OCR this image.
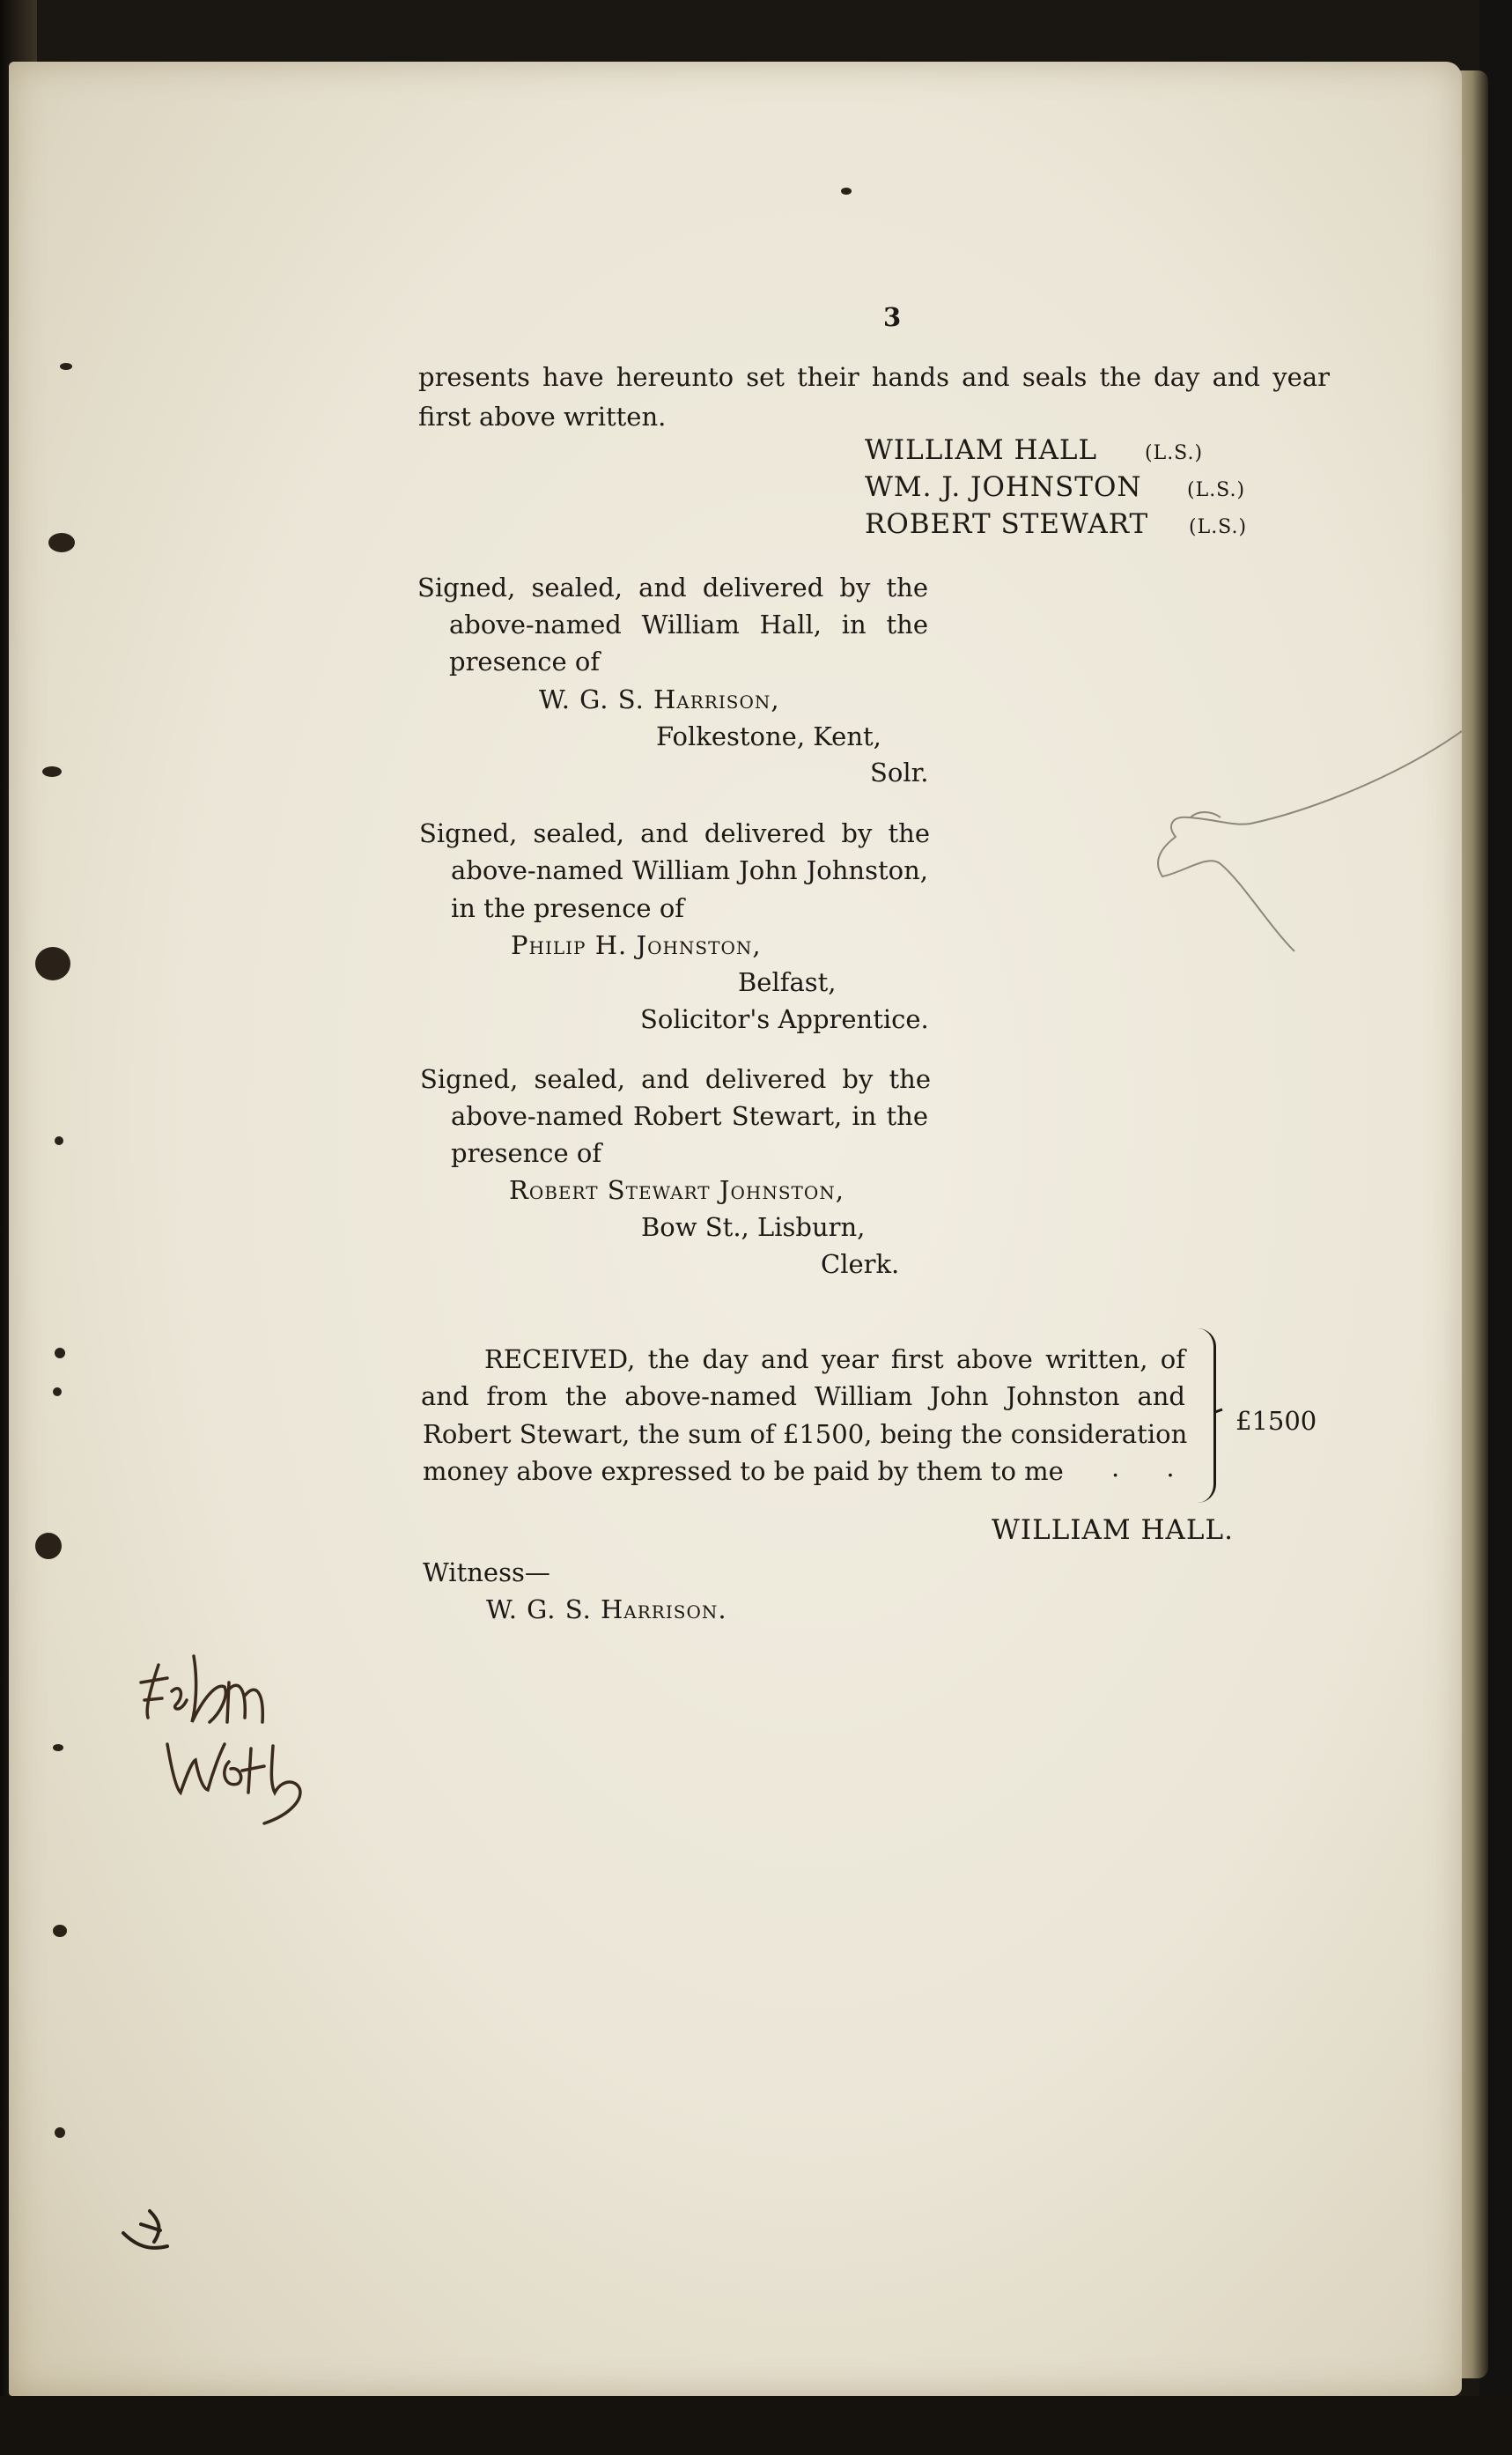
3

presents have hereunto set their hands and seals the day and year

first above written.

WILLIAM HALL (L.S.)

WM. J. JOHNSTON (L.S.)

ROBERT STEWART (L.S.)

Signed, sealed, and delivered by the

above-named William Hall, in the

presence of

W. G. S. Harrison,

Folkestone, Kent,

Solr.

Signed, sealed, and delivered by the

above-named William John Johnston,

in the presence of

Philip H. Johnston,

Belfast,

Solicitor's Apprentice.

Signed, sealed, and delivered by the

above-named Robert Stewart, in the

presence of

Robert Stewart Johnston,

Bow St., Lisburn,

Clerk.

RECEIVED, the day and year first above written, of

and from the above-named William John Johnston and

Robert Stewart, the sum of £1500, being the consideration

money above expressed to be paid by them to me . .

£1500

WILLIAM HALL.

Witness—

W. G. S. Harrison.
